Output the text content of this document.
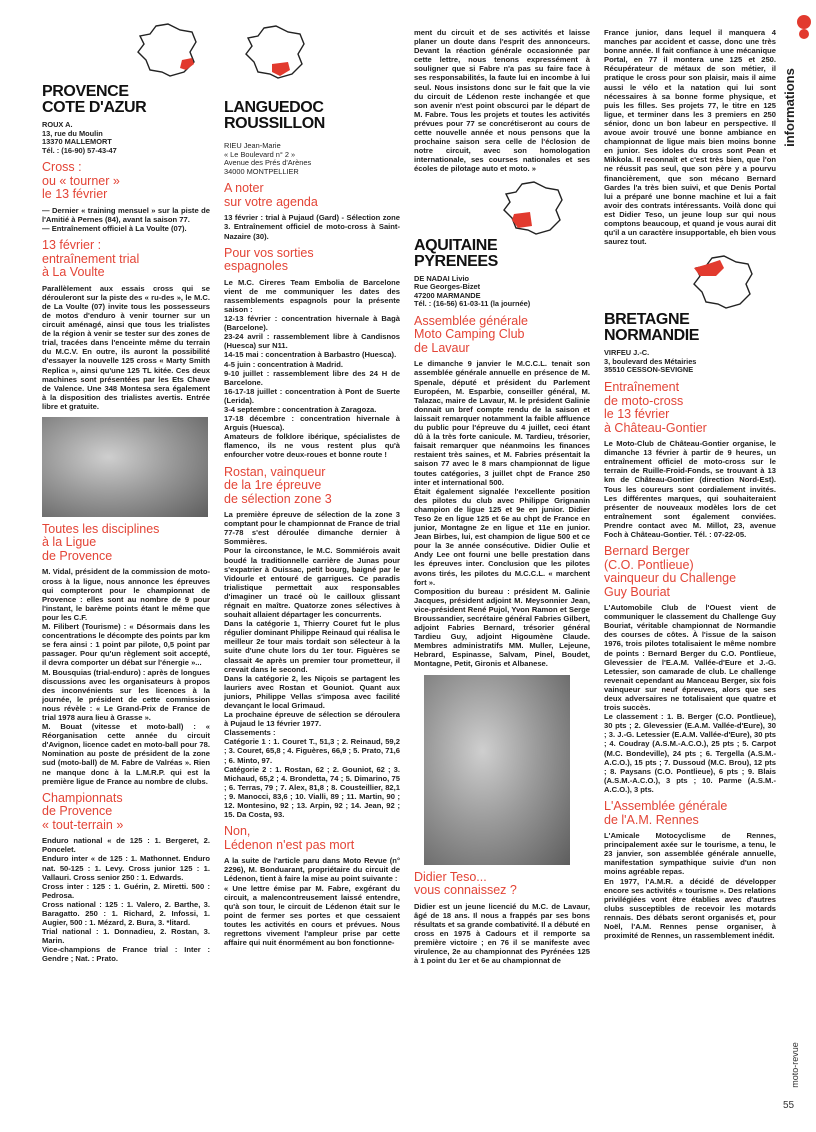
PROVENCE
COTE D'AZUR
ROUX A.
13, rue du Moulin
13370 MALLEMORT
Tél. : (16-90) 57-43-47
Cross :
ou « tourner »
le 13 février

— Dernier « training mensuel » sur la piste de l'Amitié à Pernes (84), avant la saison 77.
— Entraînement officiel à La Voulte (07).

13 février :
entraînement trial
à La Voulte

Parallèlement aux essais cross qui se dérouleront sur la piste des « ru-des », le M.C. de La Voulte (07) invite tous les possesseurs de motos d'enduro à venir tourner sur un circuit aménagé, ainsi que tous les trialistes de la région à venir se tester sur des zones de trial, tracées dans l'enceinte même du terrain du M.C.V. En outre, ils auront la possibilité d'essayer la nouvelle 125 cross « Marty Smith Replica », ainsi qu'une 125 TL kitée. Ces deux machines sont présentées par les Ets Chave de Valence. Une 348 Montesa sera également à la disposition des trialistes avertis. Entrée libre et gratuite.

Toutes les disciplines
à la Ligue
de Provence

M. Vidal, président de la commission de moto-cross à la ligue, nous annonce les épreuves qui compteront pour le championnat de Provence : elles sont au nombre de 9 pour l'instant, le barème points étant le même que pour les C.F.
M. Filibert (Tourisme) : « Désormais dans les concentrations le décompte des points par km se fera ainsi : 1 point par pilote, 0,5 point par passager. Pour qu'un règlement soit accepté, il devra comporter un débat sur l'énergie »...
M. Bousquias (trial-enduro) : après de longues discussions avec les organisateurs à propos des inconvénients sur les licences à la journée, le président de cette commission nous révèle : « Le Grand-Prix de France de trial 1978 aura lieu à Grasse ».
M. Bouat (vitesse et moto-ball) : « Réorganisation cette année du circuit d'Avignon, licence cadet en moto-ball pour 78. Nomination au poste de président de la zone sud (moto-ball) de M. Fabre de Valréas ». Rien ne manque donc à la L.M.R.P. qui est la première ligue de France au nombre de clubs.

Championnats
de Provence
« tout-terrain »

Enduro national « de 125 : 1. Bergeret, 2. Poncelet.
Enduro inter « de 125 : 1. Mathonnet. Enduro nat. 50-125 : 1. Levy. Cross junior 125 : 1. Vallauri. Cross senior 250 : 1. Edwards.
Cross inter : 125 : 1. Guérin, 2. Miretti. 500 : Pedrosa.
Cross national : 125 : 1. Valero, 2. Barthe, 3. Baragatto. 250 : 1. Richard, 2. Infossi, 1. Augier, 500 : 1. Mézard, 2. Bura, 3. *litard.
Trial national : 1. Donnadieu, 2. Rostan, 3. Marin.
Vice-champions de France trial : Inter : Gendre ; Nat. : Prato.

LANGUEDOC
ROUSSILLON
RIEU Jean-Marie
« Le Boulevard n° 2 »
Avenue des Prés d'Arènes
34000 MONTPELLIER
A noter
sur votre agenda

13 février : trial à Pujaud (Gard) - Sélection zone 3. Entraînement officiel de moto-cross à Saint-Nazaire (30).

Pour vos sorties
espagnoles

Le M.C. Cireres Team Embolia de Barcelone vient de me communiquer les dates des rassemblements espagnols pour la présente saison :
12-13 février : concentration hivernale à Bagà (Barcelone).
23-24 avril : rassemblement libre à Candisnos (Huesca) sur N11.
14-15 mai : concentration à Barbastro (Huesca).
4-5 juin : concentration à Madrid.
9-10 juillet : rassemblement libre des 24 H de Barcelone.
16-17-18 juillet : concentration à Pont de Suerte (Lerida).
3-4 septembre : concentration à Zaragoza.
17-18 décembre : concentration hivernale à Arguis (Huesca).
Amateurs de folklore ibérique, spécialistes de flamenco, ils ne vous restent plus qu'à enfourcher votre deux-roues et bonne route !

Rostan, vainqueur
de la 1re épreuve
de sélection zone 3

La première épreuve de sélection de la zone 3 comptant pour le championnat de France de trial 77-78 s'est déroulée dimanche dernier à Sommières.
Pour la circonstance, le M.C. Sommiérois avait boudé la traditionnelle carrière de Junas pour s'expatrier à Ouissac, petit bourg, baigné par le Vidourle et entouré de garrigues. Ce paradis trialistique permettait aux responsables d'imaginer un tracé où le cailloux glissant régnait en maître. Quatorze zones sélectives à souhait allaient départager les concurrents.
Dans la catégorie 1, Thierry Couret fut le plus régulier dominant Philippe Reinaud qui réalisa le meilleur 2e tour mais tordait son sélecteur à la suite d'une chute lors du 1er tour. Figuères se classait 4e après un premier tour prometteur, il crevait dans le second.
Dans la catégorie 2, les Niçois se partagent les lauriers avec Rostan et Gouniot. Quant aux juniors, Philippe Vellas s'imposa avec facilité devançant le local Grimaud.
La prochaine épreuve de sélection se déroulera à Pujaud le 13 février 1977.
Classements :
Catégorie 1 : 1. Couret T., 51,3 ; 2. Reinaud, 59,2 ; 3. Couret, 65,8 ; 4. Figuères, 66,9 ; 5. Prato, 71,6 ; 6. Minto, 97.
Catégorie 2 : 1. Rostan, 62 ; 2. Gouniot, 62 ; 3. Michaud, 65,2 ; 4. Brondetta, 74 ; 5. Dimarino, 75 ; 6. Terras, 79 ; 7. Alex, 81,8 ; 8. Cousteillier, 82,1 ; 9. Manocci, 83,6 ; 10. Vialli, 89 ; 11. Martin, 90 ; 12. Montesino, 92 ; 13. Arpin, 92 ; 14. Jean, 92 ; 15. Da Costa, 93.

Non,
Lédenon n'est pas mort

A la suite de l'article paru dans Moto Revue (n° 2296), M. Bonduarant, propriétaire du circuit de Lédenon, tient à faire la mise au point suivante :
« Une lettre émise par M. Fabre, exgérant du circuit, a malencontreusement laissé entendre, qu'à son tour, le circuit de Lédenon était sur le point de fermer ses portes et que cessaient toutes les activités en cours et prévues. Nous regrettons vivement l'ampleur prise par cette affaire qui nuit énormément au bon fonctionne-

ment du circuit et de ses activités et laisse planer un doute dans l'esprit des annonceurs. Devant la réaction générale occasionnée par cette lettre, nous tenons expressément à souligner que si Fabre n'a pas su faire face à ses responsabilités, la faute lui en incombe à lui seul. Nous insistons donc sur le fait que la vie du circuit de Lédenon reste inchangée et que son avenir n'est point obscurci par le départ de M. Fabre. Tous les projets et toutes les activités prévues pour 77 se concrétiseront au cours de cette nouvelle année et nous pensons que la prochaine saison sera celle de l'éclosion de notre circuit, avec son homologation internationale, ses courses nationales et ses écoles de pilotage auto et moto. »

AQUITAINE
PYRENEES
DE NADAI Livio
Rue Georges-Bizet
47200 MARMANDE
Tél. : (16-56) 61-03-11 (la journée)
Assemblée générale
Moto Camping Club
de Lavaur

Le dimanche 9 janvier le M.C.C.L. tenait son assemblée générale annuelle en présence de M. Spenale, député et président du Parlement Européen, M. Esparbie, conseiller général, M. Talazac, maire de Lavaur, M. le président Galinie donnait un bref compte rendu de la saison et laissait remarquer notamment la faible affluence du public pour l'épreuve du 4 juillet, ceci étant dû à la très forte canicule. M. Tardieu, trésorier, faisait remarquer que néanmoins les finances restaient très saines, et M. Fabries présentait la saison 77 avec le 8 mars championnat de ligue toutes catégories, 3 juillet chpt de France 250 inter et international 500.
Était également signalée l'excellente position des pilotes du club avec Philippe Grignanin champion de ligue 125 et 9e en junior. Didier Teso 2e en ligue 125 et 6e au chpt de France en junior, Montagne 2e en ligue et 11e en junior. Jean Birbes, lui, est champion de ligue 500 et ce pour la 3e année consécutive. Didier Oulie et Andy Lee ont fourni une belle prestation dans les épreuves inter. Conclusion que les pilotes avons tirés, les pilotes du M.C.C.L. « marchent fort ».
Composition du bureau : président M. Galinie Jacques, président adjoint M. Meysonnier Jean, vice-président René Pujol, Yvon Ramon et Serge Broussandier, secrétaire général Fabries Gilbert, adjoint Fabries Bernard, trésorier général Tardieu Guy, adjoint Higoumène Claude. Membres administratifs MM. Muller, Lejeune, Hebrard, Espinasse, Salvam, Pinel, Boudet, Montagne, Petit, Gironis et Albanese.

Didier Teso...
vous connaissez ?

Didier est un jeune licencié du M.C. de Lavaur, âgé de 18 ans. Il nous a frappés par ses bons résultats et sa grande combativité. Il a débuté en cross en 1975 à Cadours et il remporte sa première victoire ; en 76 il se manifeste avec virulence, 2e au championnat des Pyrénées 125 à 1 point du 1er et 6e au championnat de

France junior, dans lequel il manquera 4 manches par accident et casse, donc une très bonne année. Il fait confiance à une mécanique Portal, en 77 il montera une 125 et 250. Récupérateur de métaux de son métier, il pratique le cross pour son plaisir, mais il aime aussi le vélo et la natation qui lui sont nécessaires à sa bonne forme physique, et puis les filles. Ses projets 77, le titre en 125 ligue, et terminer dans les 3 premiers en 250 sénior, donc un bon labeur en perspective. Il avoue avoir trouvé une bonne ambiance en championnat de ligue mais bien moins bonne en junior. Ses idoles du cross sont Pean et Mikkola. Il reconnaît et c'est très bien, que l'on ne réussit pas seul, que son père y a pourvu financièrement, que son mécano Bernard Gardes l'a très bien suivi, et que Denis Portal lui a préparé une bonne machine et lui a fait avoir des contrats intéressants. Voilà donc qui est Didier Teso, un jeune loup sur qui nous comptons beaucoup, et quand je vous aurai dit qu'il a un caractère insupportable, eh bien vous saurez tout.

BRETAGNE
NORMANDIE
VIRFEU J.-C.
3, boulevard des Métairies
35510 CESSON-SEVIGNE
Entraînement
de moto-cross
le 13 février
à Château-Gontier

Le Moto-Club de Château-Gontier organise, le dimanche 13 février à partir de 9 heures, un entraînement officiel de moto-cross sur le terrain de Ruille-Froid-Fonds, se trouvant à 13 km de Château-Gontier (direction Nord-Est). Tous les coureurs sont cordialement invités. Les différentes marques, qui souhaiteraient présenter de nouveaux modèles lors de cet entraînement sont également conviées. Prendre contact avec M. Millot, 23, avenue Foch à Château-Gontier. Tél. : 07-22-05.

Bernard Berger
(C.O. Pontlieue)
vainqueur du Challenge
Guy Bouriat

L'Automobile Club de l'Ouest vient de communiquer le classement du Challenge Guy Bouriat, véritable championnat de Normandie des courses de côtes. À l'issue de la saison 1976, trois pilotes totalisaient le même nombre de points : Bernard Berger du C.O. Pontlieue, Glevessier de l'E.A.M. Vallée-d'Eure et J.-G. Letessier, son camarade de club. Le challenge revenait cependant au Manceau Berger, six fois vainqueur sur neuf épreuves, alors que ses deux adversaires ne totalisaient que quatre et trois succès.
Le classement : 1. B. Berger (C.O. Pontlieue), 30 pts ; 2. Glevessier (E.A.M. Vallée-d'Eure), 30 ; 3. J.-G. Letessier (E.A.M. Vallée-d'Eure), 30 pts ; 4. Coudray (A.S.M.-A.C.O.), 25 pts ; 5. Carpot (M.C. Bondeville), 24 pts ; 6. Tergella (A.S.M.-A.C.O.), 15 pts ; 7. Dussoud (M.C. Brou), 12 pts ; 8. Paysans (C.O. Pontlieue), 6 pts ; 9. Blais (A.S.M.-A.C.O.), 3 pts ; 10. Parme (A.S.M.-A.C.O.), 3 pts.

L'Assemblée générale
de l'A.M. Rennes

L'Amicale Motocyclisme de Rennes, principalement axée sur le tourisme, a tenu, le 23 janvier, son assemblée générale annuelle, manifestation sympathique suivie d'un non moins agréable repas.
En 1977, l'A.M.R. a décidé de développer encore ses activités « tourisme ». Des relations privilégiées vont être établies avec d'autres clubs susceptibles de recevoir les motards rennais. Des débats seront organisés et, pour Noël, l'A.M. Rennes pense organiser, à proximité de Rennes, un rassemblement inédit.

informations
moto-revue
55
